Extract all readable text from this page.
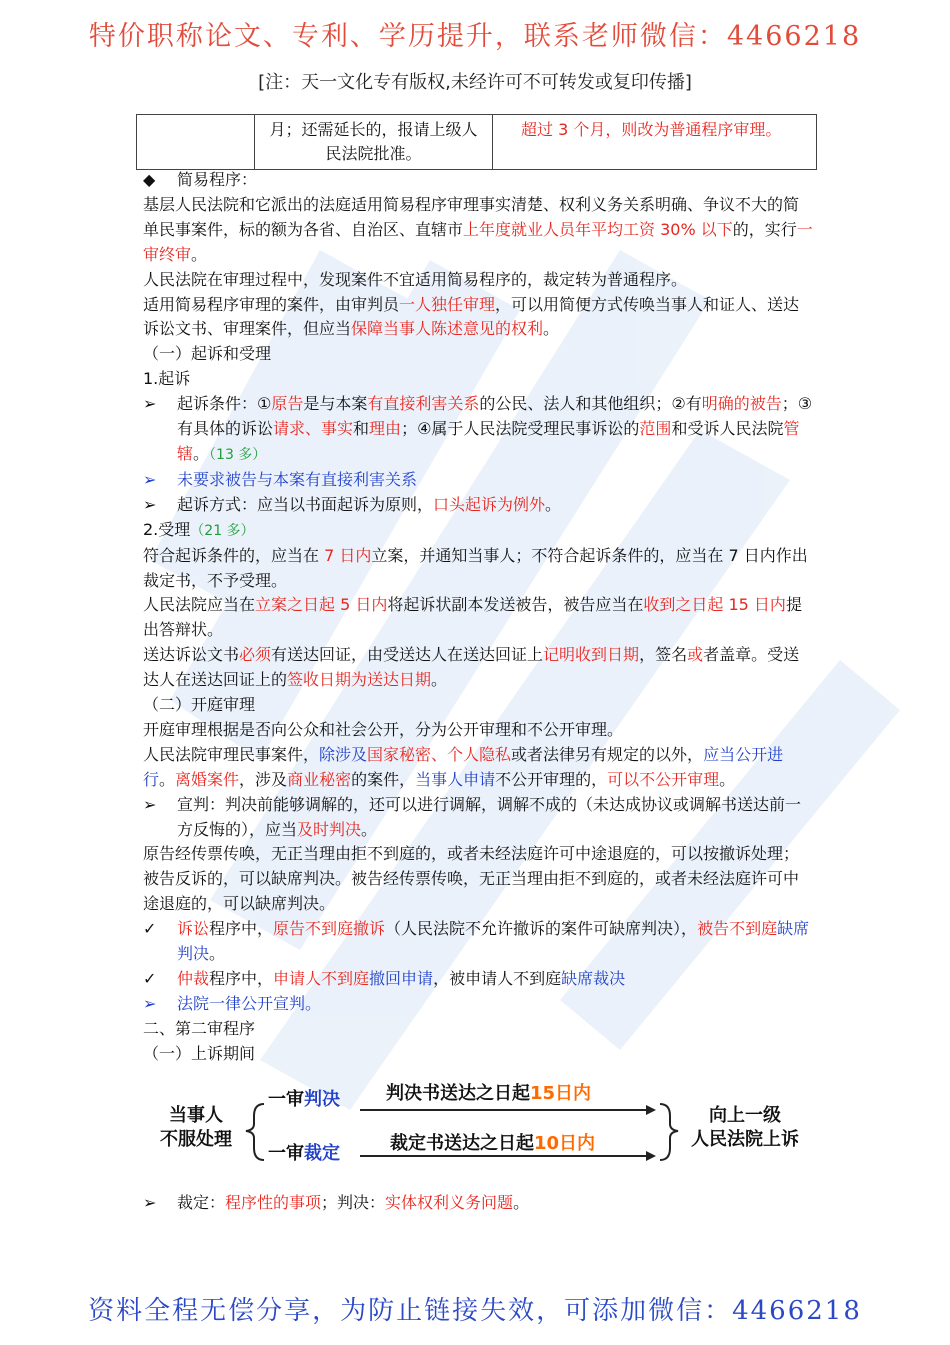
特价职称论文、专利、学历提升，联系老师微信：4466218
[注：天一文化专有版权,未经许可不可转发或复印传播]

月；还需延长的，报请上级人
民法院批准。
	超过 3 个月，则改为普通程序审理。

◆ 简易程序：

基层人民法院和它派出的法庭适用简易程序审理事实清楚、权利义务关系明确、争议不大的简单民事案件，标的额为各省、自治区、直辖市上年度就业人员年平均工资 30% 以下的，实行一审终审。

人民法院在审理过程中，发现案件不宜适用简易程序的，裁定转为普通程序。

适用简易程序审理的案件，由审判员一人独任审理，可以用简便方式传唤当事人和证人、送达诉讼文书、审理案件，但应当保障当事人陈述意见的权利。

（一）起诉和受理

1.起诉

➢ 起诉条件：①原告是与本案有直接利害关系的公民、法人和其他组织；②有明确的被告；③有具体的诉讼请求、事实和理由；④属于人民法院受理民事诉讼的范围和受诉人民法院管辖。（13 多）

➢ 未要求被告与本案有直接利害关系

➢ 起诉方式：应当以书面起诉为原则，口头起诉为例外。

2.受理（21 多）

符合起诉条件的，应当在 7 日内立案，并通知当事人；不符合起诉条件的，应当在 7 日内作出裁定书，不予受理。

人民法院应当在立案之日起 5 日内将起诉状副本发送被告，被告应当在收到之日起 15 日内提出答辩状。

送达诉讼文书必须有送达回证，由受送达人在送达回证上记明收到日期，签名或者盖章。受送达人在送达回证上的签收日期为送达日期。

（二）开庭审理

开庭审理根据是否向公众和社会公开，分为公开审理和不公开审理。

人民法院审理民事案件，除涉及国家秘密、个人隐私或者法律另有规定的以外，应当公开进行。离婚案件，涉及商业秘密的案件，当事人申请不公开审理的，可以不公开审理。

➢ 宣判：判决前能够调解的，还可以进行调解，调解不成的（未达成协议或调解书送达前一方反悔的），应当及时判决。

原告经传票传唤，无正当理由拒不到庭的，或者未经法庭许可中途退庭的，可以按撤诉处理；被告反诉的，可以缺席判决。被告经传票传唤，无正当理由拒不到庭的，或者未经法庭许可中途退庭的，可以缺席判决。

✓ 诉讼程序中，原告不到庭撤诉（人民法院不允许撤诉的案件可缺席判决），被告不到庭缺席判决。

✓ 仲裁程序中，申请人不到庭撤回申请，被申请人不到庭缺席裁决

➢ 法院一律公开宣判。

二、第二审程序

（一）上诉期间

当事人
不服处理
一审判决	判决书送达之日起15日内
一审裁定	裁定书送达之日起10日内
向上一级
人民法院上诉
➢ 裁定：程序性的事项；判决：实体权利义务问题。
资料全程无偿分享，为防止链接失效，可添加微信：4466218
